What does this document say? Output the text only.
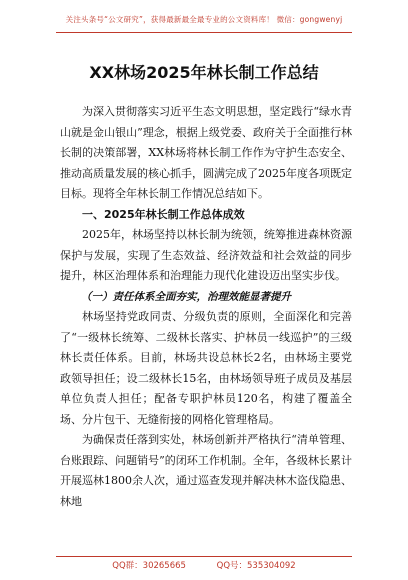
关注头条号“公文研究”，获得最新最全最专业的公文资料库！ 微信：gongwenyj
XX林场2025年林长制工作总结

为深入贯彻落实习近平生态文明思想，坚定践行“绿水青山就是金山银山”理念，根据上级党委、政府关于全面推行林长制的决策部署，XX林场将林长制工作作为守护生态安全、推动高质量发展的核心抓手，圆满完成了2025年度各项既定目标。现将全年林长制工作情况总结如下。

一、2025年林长制工作总体成效

2025年，林场坚持以林长制为统领，统筹推进森林资源保护与发展，实现了生态效益、经济效益和社会效益的同步提升，林区治理体系和治理能力现代化建设迈出坚实步伐。

（一）责任体系全面夯实，治理效能显著提升

林场坚持党政同责、分级负责的原则，全面深化和完善了“一级林长统筹、二级林长落实、护林员一线巡护”的三级林长责任体系。目前，林场共设总林长2名，由林场主要党政领导担任；设二级林长15名，由林场领导班子成员及基层单位负责人担任；配备专职护林员120名，构建了覆盖全场、分片包干、无缝衔接的网格化管理格局。

为确保责任落到实处，林场创新并严格执行“清单管理、台账跟踪、问题销号”的闭环工作机制。全年，各级林长累计开展巡林1800余人次，通过巡查发现并解决林木盗伐隐患、林地

QQ群：30265665	QQ号：535304092
